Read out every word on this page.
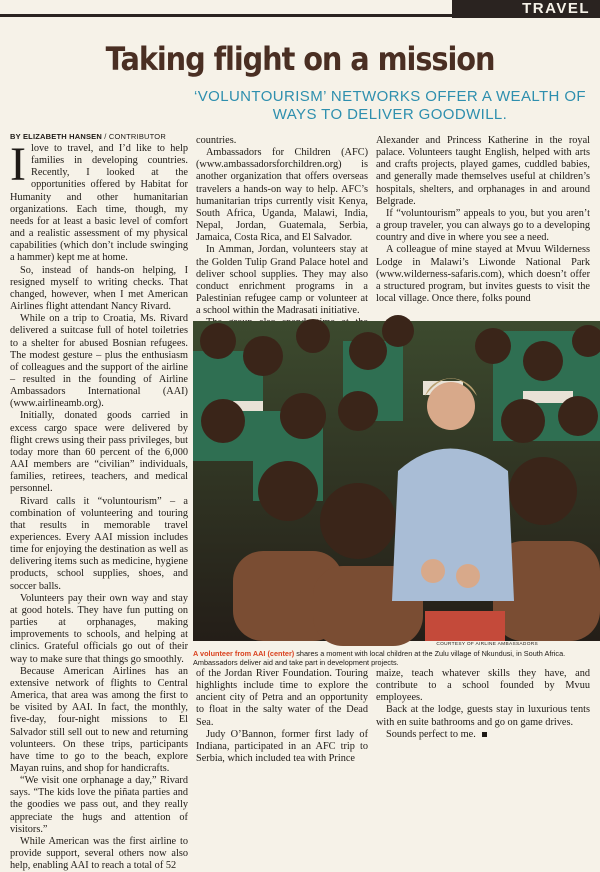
TRAVEL
Taking flight on a mission

‘VOLUNTOURISM’ NETWORKS OFFER A WEALTH OF WAYS TO DELIVER GOODWILL.

BY ELIZABETH HANSEN / CONTRIBUTOR
I love to travel, and I’d like to help families in developing countries. Recently, I looked at the opportunities offered by Habitat for Humanity and other humanitarian organizations. Each time, though, my needs for at least a basic level of comfort and a realistic assessment of my physical capabilities (which don’t include swinging a hammer) kept me at home.

So, instead of hands-on helping, I resigned myself to writing checks. That changed, however, when I met American Airlines flight attendant Nancy Rivard.

While on a trip to Croatia, Ms. Rivard delivered a suitcase full of hotel toiletries to a shelter for abused Bosnian refugees. The modest gesture – plus the enthusiasm of colleagues and the support of the airline – resulted in the founding of Airline Ambassadors International (AAI) (www.airlineamb.org).

Initially, donated goods carried in excess cargo space were delivered by flight crews using their pass privileges, but today more than 60 percent of the 6,000 AAI members are “civilian” individuals, families, retirees, teachers, and medical personnel.

Rivard calls it “voluntourism” – a combination of volunteering and touring that results in memorable travel experiences. Every AAI mission includes time for enjoying the destination as well as delivering items such as medicine, hygiene products, school supplies, shoes, and soccer balls.

Volunteers pay their own way and stay at good hotels. They have fun putting on parties at orphanages, making improvements to schools, and helping at clinics. Grateful officials go out of their way to make sure that things go smoothly.

Because American Airlines has an extensive network of flights to Central America, that area was among the first to be visited by AAI. In fact, the monthly, five-day, four-night missions to El Salvador still sell out to new and returning volunteers. On these trips, participants have time to go to the beach, explore Mayan ruins, and shop for handicrafts.

“We visit one orphanage a day,” Rivard says. “The kids love the piñata parties and the goodies we pass out, and they really appreciate the hugs and attention of visitors.”

While American was the first airline to provide support, several others now also help, enabling AAI to reach a total of 52

countries.

Ambassadors for Children (AFC) (www.ambassadorsforchildren.org) is another organization that offers overseas travelers a hands-on way to help. AFC’s humanitarian trips currently visit Kenya, South Africa, Uganda, Malawi, India, Nepal, Jordan, Guatemala, Serbia, Jamaica, Costa Rica, and El Salvador.

In Amman, Jordan, volunteers stay at the Golden Tulip Grand Palace hotel and deliver school supplies. They may also conduct enrichment programs in a Palestinian refugee camp or volunteer at a school within the Madrasati initiative.

Alexander and Princess Katherine in the royal palace. Volunteers taught English, helped with arts and crafts projects, played games, cuddled babies, and generally made themselves useful at children’s hospitals, shelters, and orphanages in and around Belgrade.

If “voluntourism” appeals to you, but you aren’t a group traveler, you can always go to a developing country and dive in where you see a need.

A colleague of mine stayed at Mvuu Wilderness Lodge in Malawi’s Liwonde National Park (www.wilderness-safaris.com), which doesn’t offer a structured program, but invites guests to visit the local village. Once there, folks pound

COURTESY OF AIRLINE AMBASSADORS
A volunteer from AAI (center) shares a moment with local children at the Zulu village of Nkundusi, in South Africa. Ambassadors deliver aid and take part in development projects.

of the Jordan River Foundation. Touring highlights include time to explore the ancient city of Petra and an opportunity to float in the salty water of the Dead Sea.

Judy O’Bannon, former first lady of Indiana, participated in an AFC trip to Serbia, which included tea with Prince

maize, teach whatever skills they have, and contribute to a school founded by Mvuu employees.

Back at the lodge, guests stay in luxurious tents with en suite bathrooms and go on game drives.

Sounds perfect to me.
